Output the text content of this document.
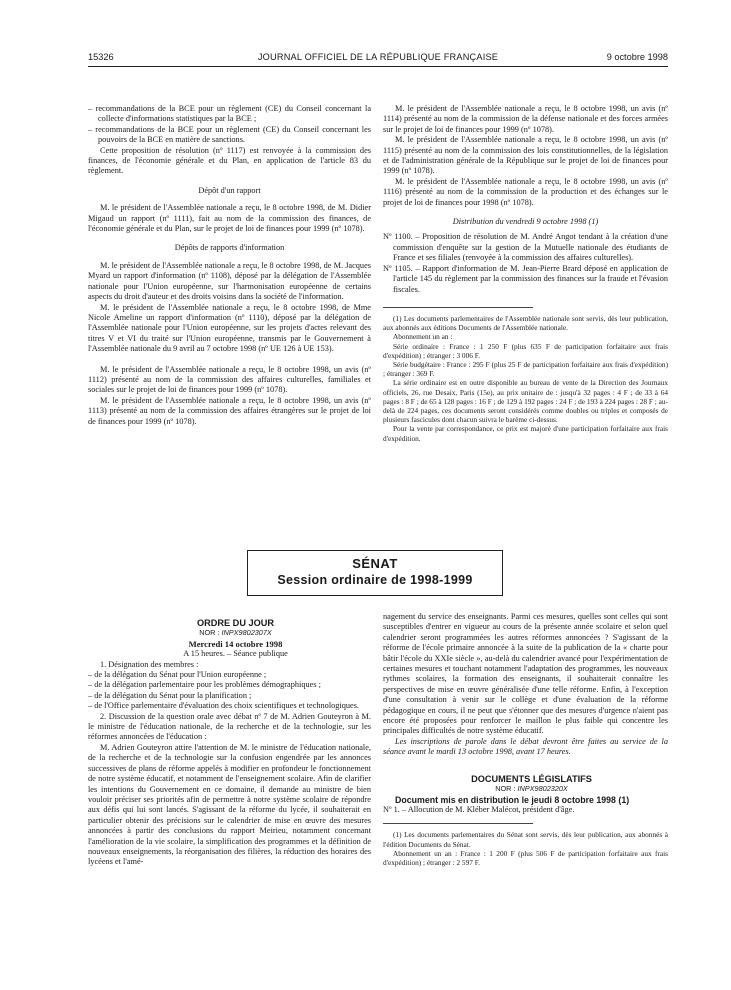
15326	JOURNAL OFFICIEL DE LA RÉPUBLIQUE FRANÇAISE	9 octobre 1998

– recommandations de la BCE pour un règlement (CE) du Conseil concernant la collecte d'informations statistiques par la BCE ;

– recommandations de la BCE pour un règlement (CE) du Conseil concernant les pouvoirs de la BCE en matière de sanctions.

Cette proposition de résolution (nº 1117) est renvoyée à la commission des finances, de l'économie générale et du Plan, en application de l'article 83 du règlement.

Dépôt d'un rapport

M. le président de l'Assemblée nationale a reçu, le 8 octobre 1998, de M. Didier Migaud un rapport (nº 1111), fait au nom de la commission des finances, de l'économie générale et du Plan, sur le projet de loi de finances pour 1999 (nº 1078).

Dépôts de rapports d'information

M. le président de l'Assemblée nationale a reçu, le 8 octobre 1998, de M. Jacques Myard un rapport d'information (nº 1108), déposé par la délégation de l'Assemblée nationale pour l'Union européenne, sur l'harmonisation européenne de certains aspects du droit d'auteur et des droits voisins dans la société de l'information.

M. le président de l'Assemblée nationale a reçu, le 8 octobre 1998, de Mme Nicole Ameline un rapport d'information (nº 1110), déposé par la délégation de l'Assemblée nationale pour l'Union européenne, sur les projets d'actes relevant des titres V et VI du traité sur l'Union européenne, transmis par le Gouvernement à l'Assemblée nationale du 9 avril au 7 octobre 1998 (nº UE 126 à UE 153).

M. le président de l'Assemblée nationale a reçu, le 8 octobre 1998, un avis (nº 1112) présenté au nom de la commission des affaires culturelles, familiales et sociales sur le projet de loi de finances pour 1999 (nº 1078).

M. le président de l'Assemblée nationale a reçu, le 8 octobre 1998, un avis (nº 1113) présenté au nom de la commission des affaires étrangères sur le projet de loi de finances pour 1999 (nº 1078).

M. le président de l'Assemblée nationale a reçu, le 8 octobre 1998, un avis (nº 1114) présenté au nom de la commission de la défense nationale et des forces armées sur le projet de loi de finances pour 1999 (nº 1078).

M. le président de l'Assemblée nationale a reçu, le 8 octobre 1998, un avis (nº 1115) présenté au nom de la commission des lois constitutionnelles, de la législation et de l'administration générale de la République sur le projet de loi de finances pour 1999 (nº 1078).

M. le président de l'Assemblée nationale a reçu, le 8 octobre 1998, un avis (nº 1116) présenté au nom de la commission de la production et des échanges sur le projet de loi de finances pour 1998 (nº 1078).

Distribution du vendredi 9 octobre 1998 (1)

Nº 1100. – Proposition de résolution de M. André Angot tendant à la création d'une commission d'enquête sur la gestion de la Mutuelle nationale des étudiants de France et ses filiales (renvoyée à la commission des affaires culturelles).

Nº 1105. – Rapport d'information de M. Jean-Pierre Brard déposé en application de l'article 145 du règlement par la commission des finances sur la fraude et l'évasion fiscales.

(1) Les documents parlementaires de l'Assemblée nationale sont servis, dès leur publication, aux abonnés aux éditions Documents de l'Assemblée nationale.

Abonnement un an :

Série ordinaire : France : 1 250 F (plus 635 F de participation forfaitaire aux frais d'expédition) ; étranger : 3 006 F.

Série budgétaire : France : 295 F (plus 25 F de participation forfaitaire aux frais d'expédition) ; étranger : 369 F.

La série ordinaire est en outre disponible au bureau de vente de la Direction des Journaux officiels, 26, rue Desaix, Paris (15e), au prix unitaire de : jusqu'à 32 pages : 4 F ; de 33 à 64 pages : 8 F ; de 65 à 128 pages : 16 F ; de 129 à 192 pages : 24 F ; de 193 à 224 pages : 28 F ; au-delà de 224 pages, ces documents seront considérés comme doubles ou triples et composés de plusieurs fascicules dont chacun suivra le barème ci-dessus.

Pour la vente par correspondance, ce prix est majoré d'une participation forfaitaire aux frais d'expédition.

SÉNAT
Session ordinaire de 1998-1999

ORDRE DU JOUR

NOR : INPX9802307X

Mercredi 14 octobre 1998

A 15 heures. – Séance publique

1. Désignation des membres :

– de la délégation du Sénat pour l'Union européenne ;

– de la délégation parlementaire pour les problèmes démographiques ;

– de la délégation du Sénat pour la planification ;

– de l'Office parlementaire d'évaluation des choix scientifiques et technologiques.

2. Discussion de la question orale avec débat nº 7 de M. Adrien Gouteyron à M. le ministre de l'éducation nationale, de la recherche et de la technologie, sur les réformes annoncées de l'éducation :

M. Adrien Gouteyron attire l'attention de M. le ministre de l'éducation nationale, de la recherche et de la technologie sur la confusion engendrée par les annonces successives de plans de réforme appelés à modifier en profondeur le fonctionnement de notre système éducatif, et notamment de l'enseignement scolaire. Afin de clarifier les intentions du Gouvernement en ce domaine, il demande au ministre de bien vouloir préciser ses priorités afin de permettre à notre système scolaire de répondre aux défis qui lui sont lancés. S'agissant de la réforme du lycée, il souhaiterait en particulier obtenir des précisions sur le calendrier de mise en œuvre des mesures annoncées à partir des conclusions du rapport Meirieu, notamment concernant l'amélioration de la vie scolaire, la simplification des programmes et la définition de nouveaux enseignements, la réorganisation des filières, la réduction des horaires des lycéens et l'amé-

nagement du service des enseignants. Parmi ces mesures, quelles sont celles qui sont susceptibles d'entrer en vigueur au cours de la présente année scolaire et selon quel calendrier seront programmées les autres réformes annoncées ? S'agissant de la réforme de l'école primaire annoncée à la suite de la publication de la « charte pour bâtir l'école du XXIe siècle », au-delà du calendrier avancé pour l'expérimentation de certaines mesures et touchant notamment l'adaptation des programmes, les nouveaux rythmes scolaires, la formation des enseignants, il souhaiterait connaître les perspectives de mise en œuvre généralisée d'une telle réforme. Enfin, à l'exception d'une consultation à venir sur le collège et d'une évaluation de la réforme pédagogique en cours, il ne peut que s'étonner que des mesures d'urgence n'aient pas encore été proposées pour renforcer le maillon le plus faible qui concentre les principales difficultés de notre système éducatif.

Les inscriptions de parole dans le débat devront être faites au service de la séance avant le mardi 13 octobre 1998, avant 17 heures.

DOCUMENTS LÉGISLATIFS

NOR : INPX9802320X

Document mis en distribution le jeudi 8 octobre 1998 (1)

Nº 1. – Allocution de M. Kléber Malécot, président d'âge.

(1) Les documents parlementaires du Sénat sont servis, dès leur publication, aux abonnés à l'édition Documents du Sénat.

Abonnement un an : France : 1 200 F (plus 506 F de participation forfaitaire aux frais d'expédition) ; étranger : 2 597 F.
